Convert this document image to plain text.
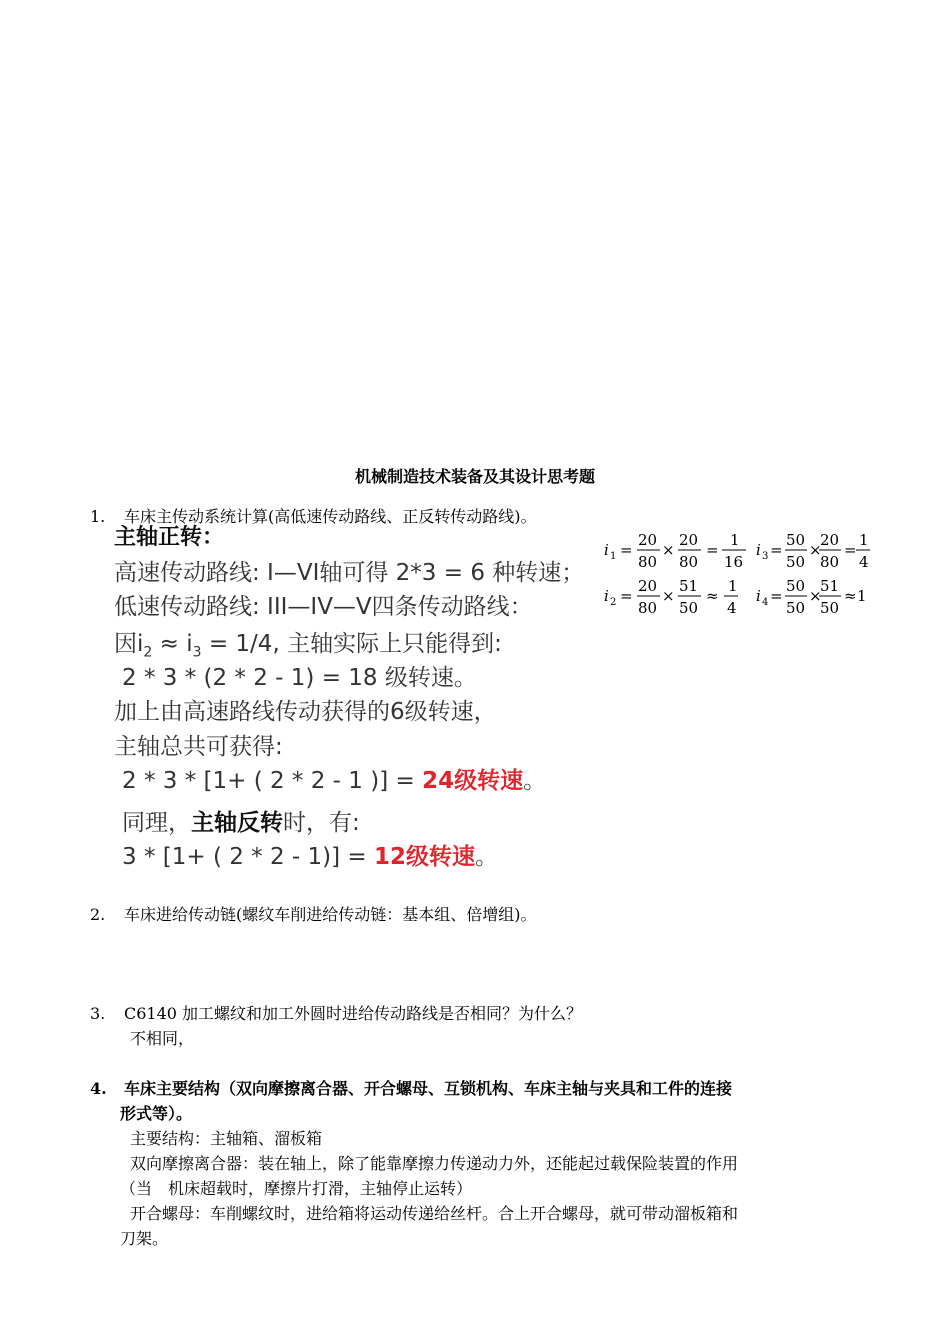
机械制造技术装备及其设计思考题
1. 车床主传动系统计算(高低速传动路线、正反转传动路线)。
主轴正转：
高速传动路线: I—VI轴可得 2*3 = 6 种转速；
低速传动路线: III—IV—V四条传动路线：
因$i_2 \approx i_3 = 1/4$, 主轴实际上只能得到:
2 * 3 * (2 * 2 - 1) = 18 级转速。
加上由高速路线传动获得的6级转速，
主轴总共可获得:
2 * 3 * [1+ ( 2 * 2 - 1 )] = 24级转速。
同理，主轴反转时，有:
3 * [1+ ( 2 * 2 - 1)] = 12级转速。
i 1 =
20
80
×
20
80
=
1
16
i 3 =
50
50
×
20
80
=
1
4
i 2 =
20
80
×
51
50
≈
1
4
i 4 =
50
50
×
51
50
≈ 1
2. 车床进给传动链(螺纹车削进给传动链：基本组、倍增组)。
3. C6140 加工螺纹和加工外圆时进给传动路线是否相同？为什么？
不相同，
4. 车床主要结构（双向摩擦离合器、开合螺母、互锁机构、车床主轴与夹具和工件的连接
形式等）。
主要结构：主轴箱、溜板箱
双向摩擦离合器：装在轴上，除了能靠摩擦力传递动力外，还能起过载保险装置的作用
（当　机床超载时，摩擦片打滑，主轴停止运转）
开合螺母：车削螺纹时，进给箱将运动传递给丝杆。合上开合螺母，就可带动溜板箱和
刀架。
